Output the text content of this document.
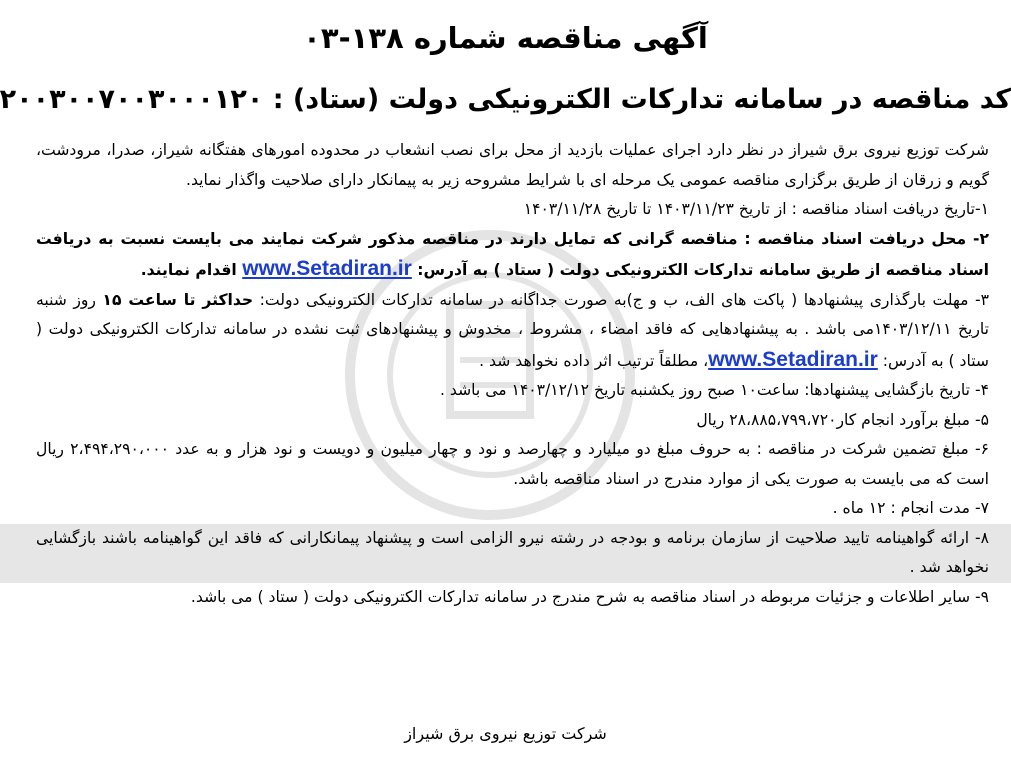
آگهی مناقصه شماره ۱۳۸-۰۳
کد مناقصه در سامانه تدارکات الکترونیکی دولت (ستاد) : ۲۰۰۳۰۰۷۰۰۳۰۰۰۱۲۰

شرکت توزیع نیروی برق شیراز در نظر دارد اجرای عملیات بازدید از محل برای نصب انشعاب در محدوده امورهای هفتگانه شیراز، صدرا، مرودشت، گویم و زرقان از طریق برگزاری مناقصه عمومی یک مرحله ای با شرایط مشروحه زیر به پیمانکار دارای صلاحیت واگذار نماید.

۱-تاریخ دریافت اسناد مناقصه : از تاریخ ۱۴۰۳/۱۱/۲۳ تا تاریخ ۱۴۰۳/۱۱/۲۸

۲- محل دریافت اسناد مناقصه : مناقصه گرانی که تمایل دارند در مناقصه مذکور شرکت نمایند می بایست نسبت به دریافت اسناد مناقصه از طریق سامانه تدارکات الکترونیکی دولت ( ستاد ) به آدرس: www.Setadiran.ir اقدام نمایند.

۳- مهلت بارگذاری پیشنهادها ( پاکت های الف، ب و ج)به صورت جداگانه در سامانه تدارکات الکترونیکی دولت: حداکثر تا ساعت ۱۵ روز شنبه تاریخ ۱۴۰۳/۱۲/۱۱می باشد . به پیشنهادهایی که فاقد امضاء ، مشروط ، مخدوش و پیشنهادهای ثبت نشده در سامانه تدارکات الکترونیکی دولت ( ستاد ) به آدرس: www.Setadiran.ir، مطلقاً ترتیب اثر داده نخواهد شد .

۴- تاریخ بازگشایی پیشنهادها: ساعت۱۰ صبح روز یکشنبه تاریخ ۱۴۰۳/۱۲/۱۲ می باشد .

۵- مبلغ برآورد انجام کار۲۸،۸۸۵،۷۹۹،۷۲۰ ریال

۶- مبلغ تضمین شرکت در مناقصه : به حروف مبلغ دو میلیارد و چهارصد و نود و چهار میلیون و دویست و نود هزار و به عدد ۲،۴۹۴،۲۹۰،۰۰۰ ریال است که می بایست به صورت یکی از موارد مندرج در اسناد مناقصه باشد.

۷- مدت انجام : ۱۲ ماه .

۸- ارائه گواهینامه تایید صلاحیت از سازمان برنامه و بودجه در رشته نیرو الزامی است و پیشنهاد پیمانکارانی که فاقد این گواهینامه باشند بازگشایی نخواهد شد .

۹- سایر اطلاعات و جزئیات مربوطه در اسناد مناقصه به شرح مندرج در سامانه تدارکات الکترونیکی دولت ( ستاد ) می باشد.

شرکت توزیع نیروی برق شیراز
